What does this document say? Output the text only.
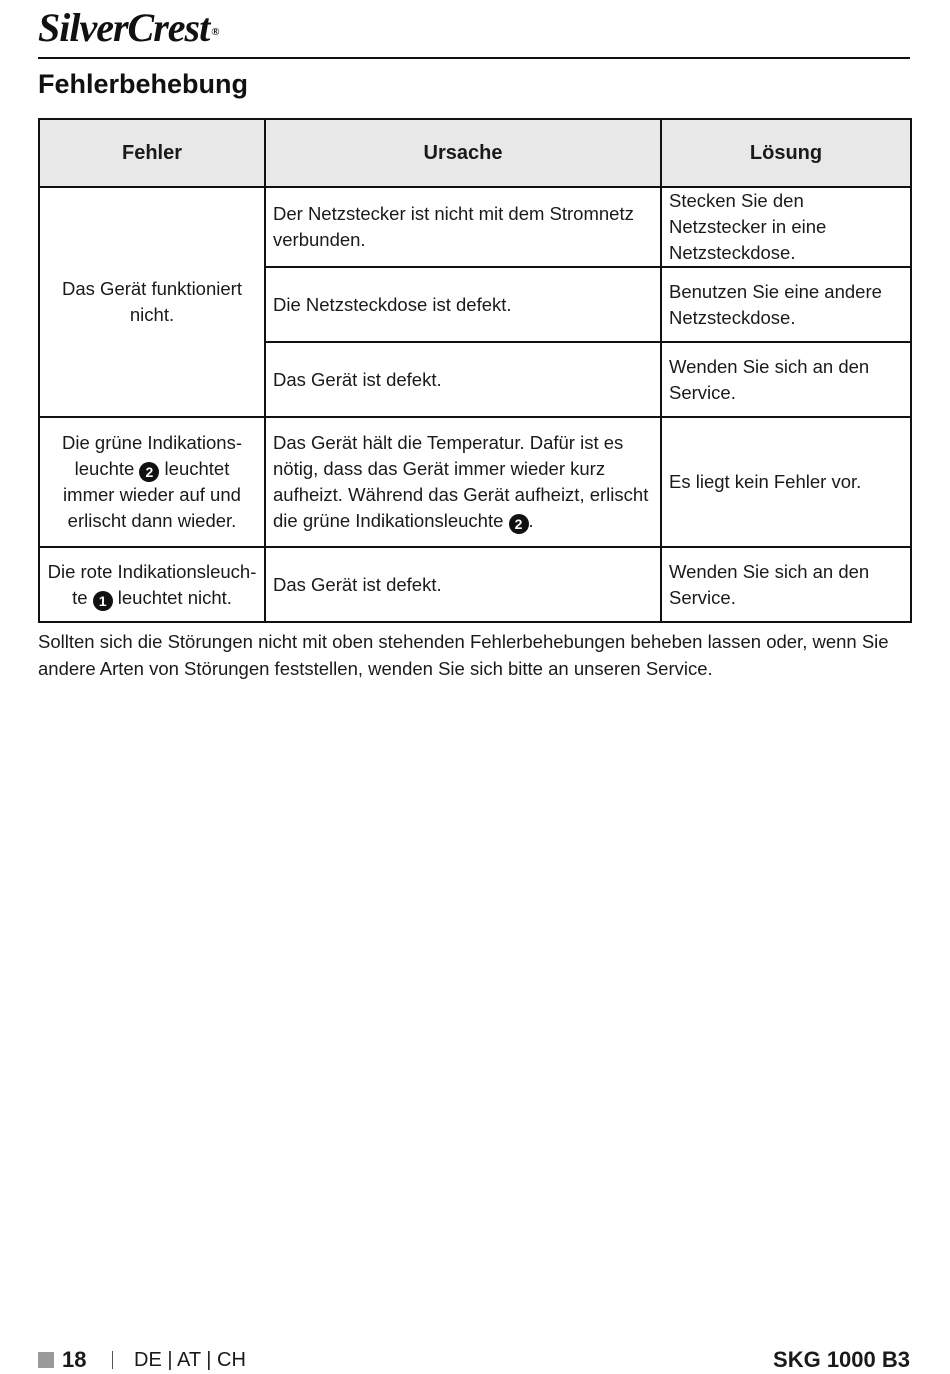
SilverCrest ®
Fehlerbehebung
Fehler	Ursache	Lösung
Das Gerät funktioniert nicht.	Der Netzstecker ist nicht mit dem Stromnetz verbunden.	Stecken Sie den Netzstecker in eine Netzsteckdose.
	Die Netzsteckdose ist defekt.	Benutzen Sie eine andere Netzsteckdose.
	Das Gerät ist defekt.	Wenden Sie sich an den Service.
Die grüne Indikations- leuchte 2 leuchtet immer wieder auf und erlischt dann wieder.	Das Gerät hält die Temperatur. Dafür ist es nötig, dass das Gerät immer wieder kurz aufheizt. Während das Gerät aufheizt, erlischt die grüne Indikationsleuchte 2 .	Es liegt kein Fehler vor.
Die rote Indikationsleuch- te 1 leuchtet nicht.	Das Gerät ist defekt.	Wenden Sie sich an den Service.

Sollten sich die Störungen nicht mit oben stehenden Fehlerbehebungen beheben lassen oder, wenn Sie andere Arten von Störungen feststellen, wenden Sie sich bitte an unseren Service.

18 DE | AT | CH	SKG 1000 B3
